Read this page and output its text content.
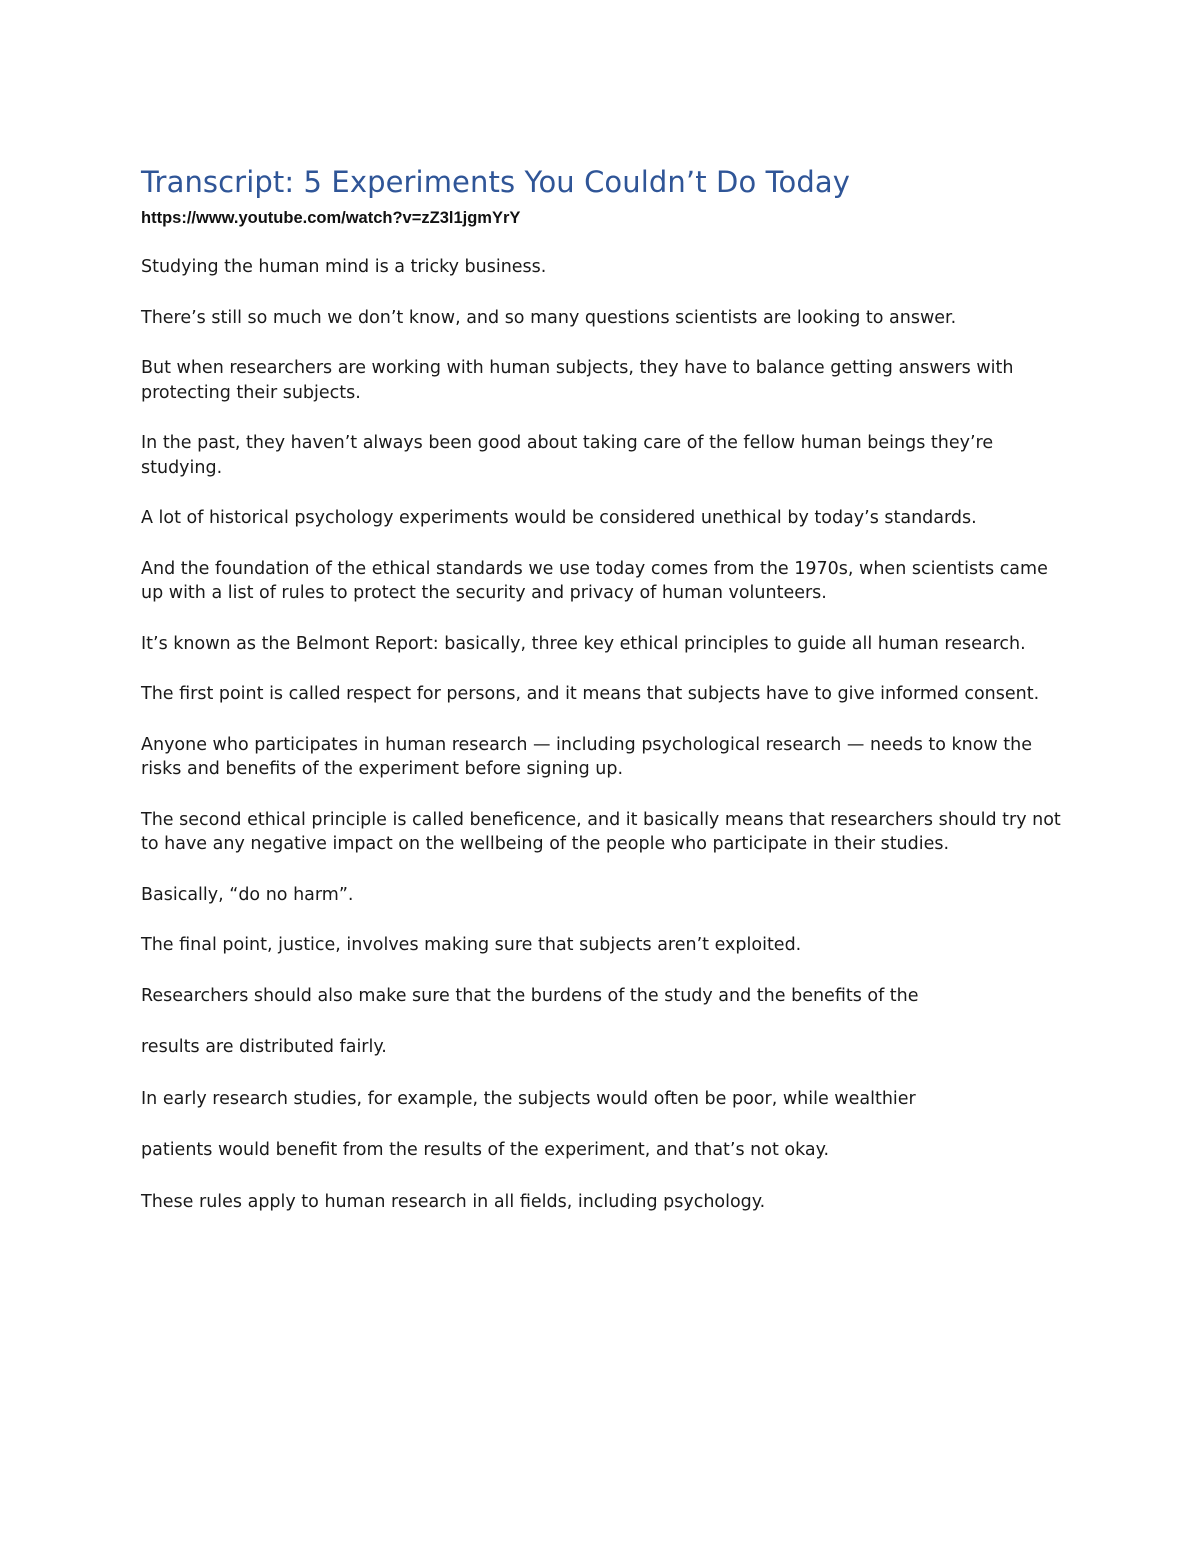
Transcript: 5 Experiments You Couldn’t Do Today

https://www.youtube.com/watch?v=zZ3l1jgmYrY

Studying the human mind is a tricky business.

There’s still so much we don’t know, and so many questions scientists are looking to answer.

But when researchers are working with human subjects, they have to balance getting answers with protecting their subjects.

In the past, they haven’t always been good about taking care of the fellow human beings they’re studying.

A lot of historical psychology experiments would be considered unethical by today’s standards.

And the foundation of the ethical standards we use today comes from the 1970s, when scientists came up with a list of rules to protect the security and privacy of human volunteers.

It’s known as the Belmont Report: basically, three key ethical principles to guide all human research.

The first point is called respect for persons, and it means that subjects have to give informed consent.

Anyone who participates in human research — including psychological research — needs to know the risks and benefits of the experiment before signing up.

The second ethical principle is called beneficence, and it basically means that researchers should try not to have any negative impact on the wellbeing of the people who participate in their studies.

Basically, “do no harm”.

The final point, justice, involves making sure that subjects aren’t exploited.

Researchers should also make sure that the burdens of the study and the benefits of the

results are distributed fairly.

In early research studies, for example, the subjects would often be poor, while wealthier

patients would benefit from the results of the experiment, and that’s not okay.

These rules apply to human research in all fields, including psychology.
